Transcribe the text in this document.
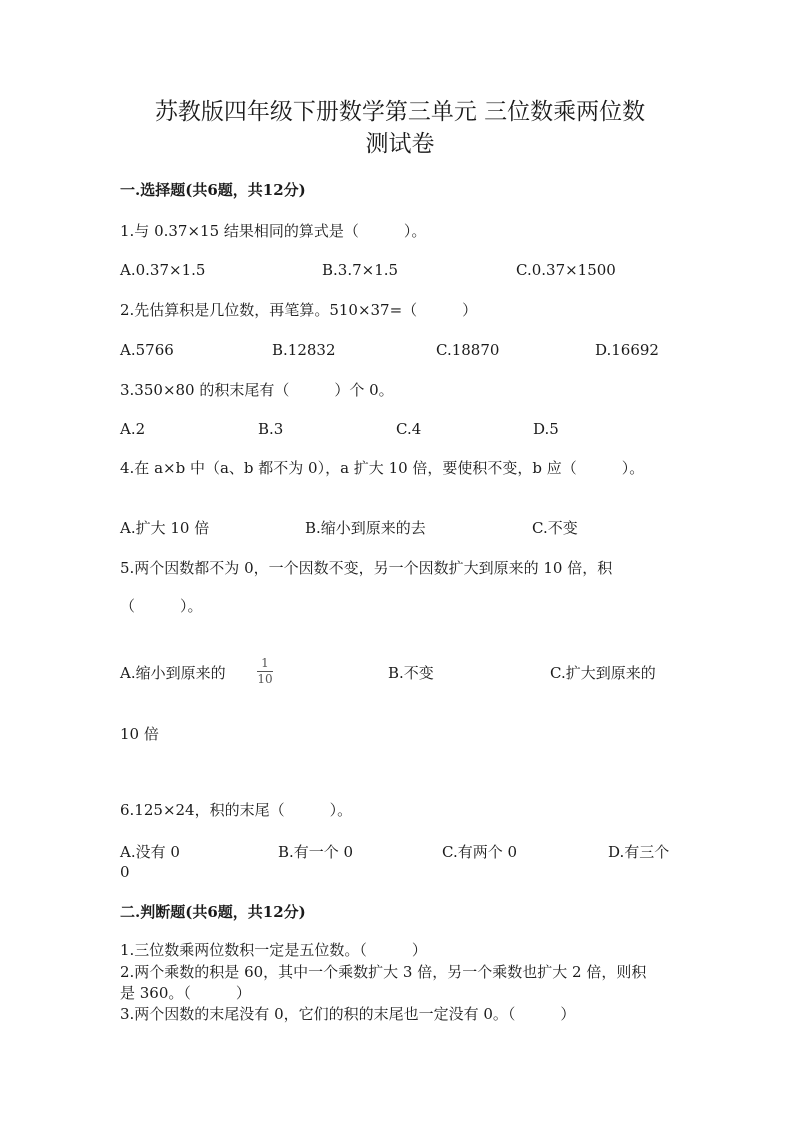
苏教版四年级下册数学第三单元 三位数乘两位数
测试卷
一.选择题(共6题，共12分)
1.与 0.37×15 结果相同的算式是（　　　）。
A.0.37×1.5	B.3.7×1.5	C.0.37×1500
2.先估算积是几位数，再笔算。510×37=（　　　）
A.5766	B.12832	C.18870	D.16692
3.350×80 的积末尾有（　　　）个 0。
A.2	B.3	C.4	D.5
4.在 a×b 中（a、b 都不为 0），a 扩大 10 倍，要使积不变，b 应（　　　）。
A.扩大 10 倍	B.缩小到原来的去	C.不变
5.两个因数都不为 0，一个因数不变，另一个因数扩大到原来的 10 倍，积
（　　　）。
A.缩小到原来的
1
10	B.不变	C.扩大到原来的
10 倍
6.125×24，积的末尾（　　　）。
A.没有 0	B.有一个 0	C.有两个 0	D.有三个
0
二.判断题(共6题，共12分)
1.三位数乘两位数积一定是五位数。（　　　）
2.两个乘数的积是 60，其中一个乘数扩大 3 倍，另一个乘数也扩大 2 倍，则积
是 360。（　　　）
3.两个因数的末尾没有 0，它们的积的末尾也一定没有 0。（　　　）
